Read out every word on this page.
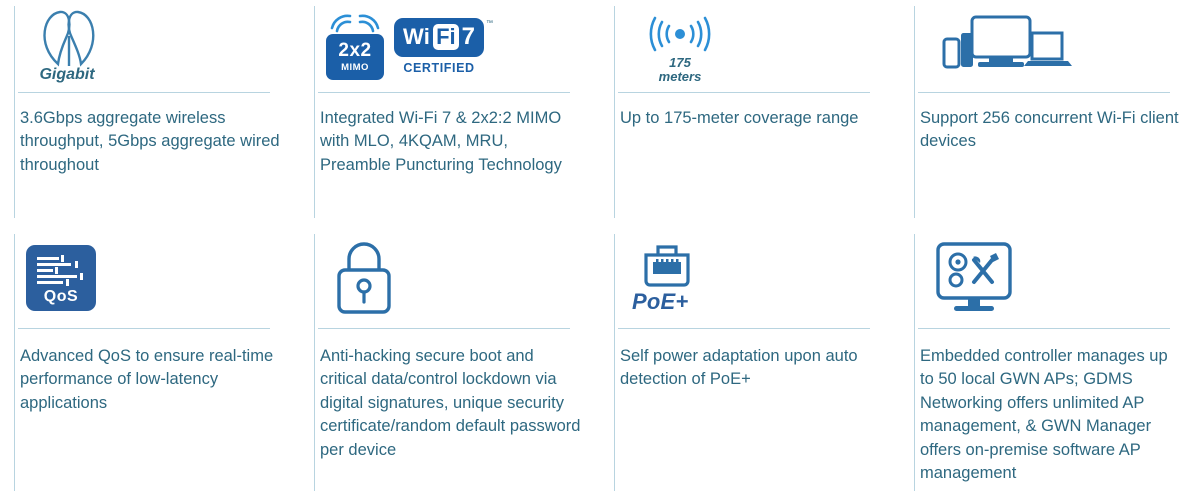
Gigabit
3.6Gbps aggregate wireless throughput, 5Gbps aggregate wired throughout
2x2
MIMO
Wi Fi 7 ™
CERTIFIED
Integrated Wi-Fi 7 & 2x2:2 MIMO with MLO, 4KQAM, MRU, Preamble Puncturing Technology
175
meters
Up to 175-meter coverage range	Support 256 concurrent Wi-Fi client devices
QoS
Advanced QoS to ensure real-time performance of low-latency applications
Anti-hacking secure boot and critical data/control lockdown via digital signatures, unique security certificate/random default password per device
PoE+
Self power adaptation upon auto detection of PoE+
Embedded controller manages up to 50 local GWN APs; GDMS Networking offers unlimited AP management, & GWN Manager offers on-premise software AP management
